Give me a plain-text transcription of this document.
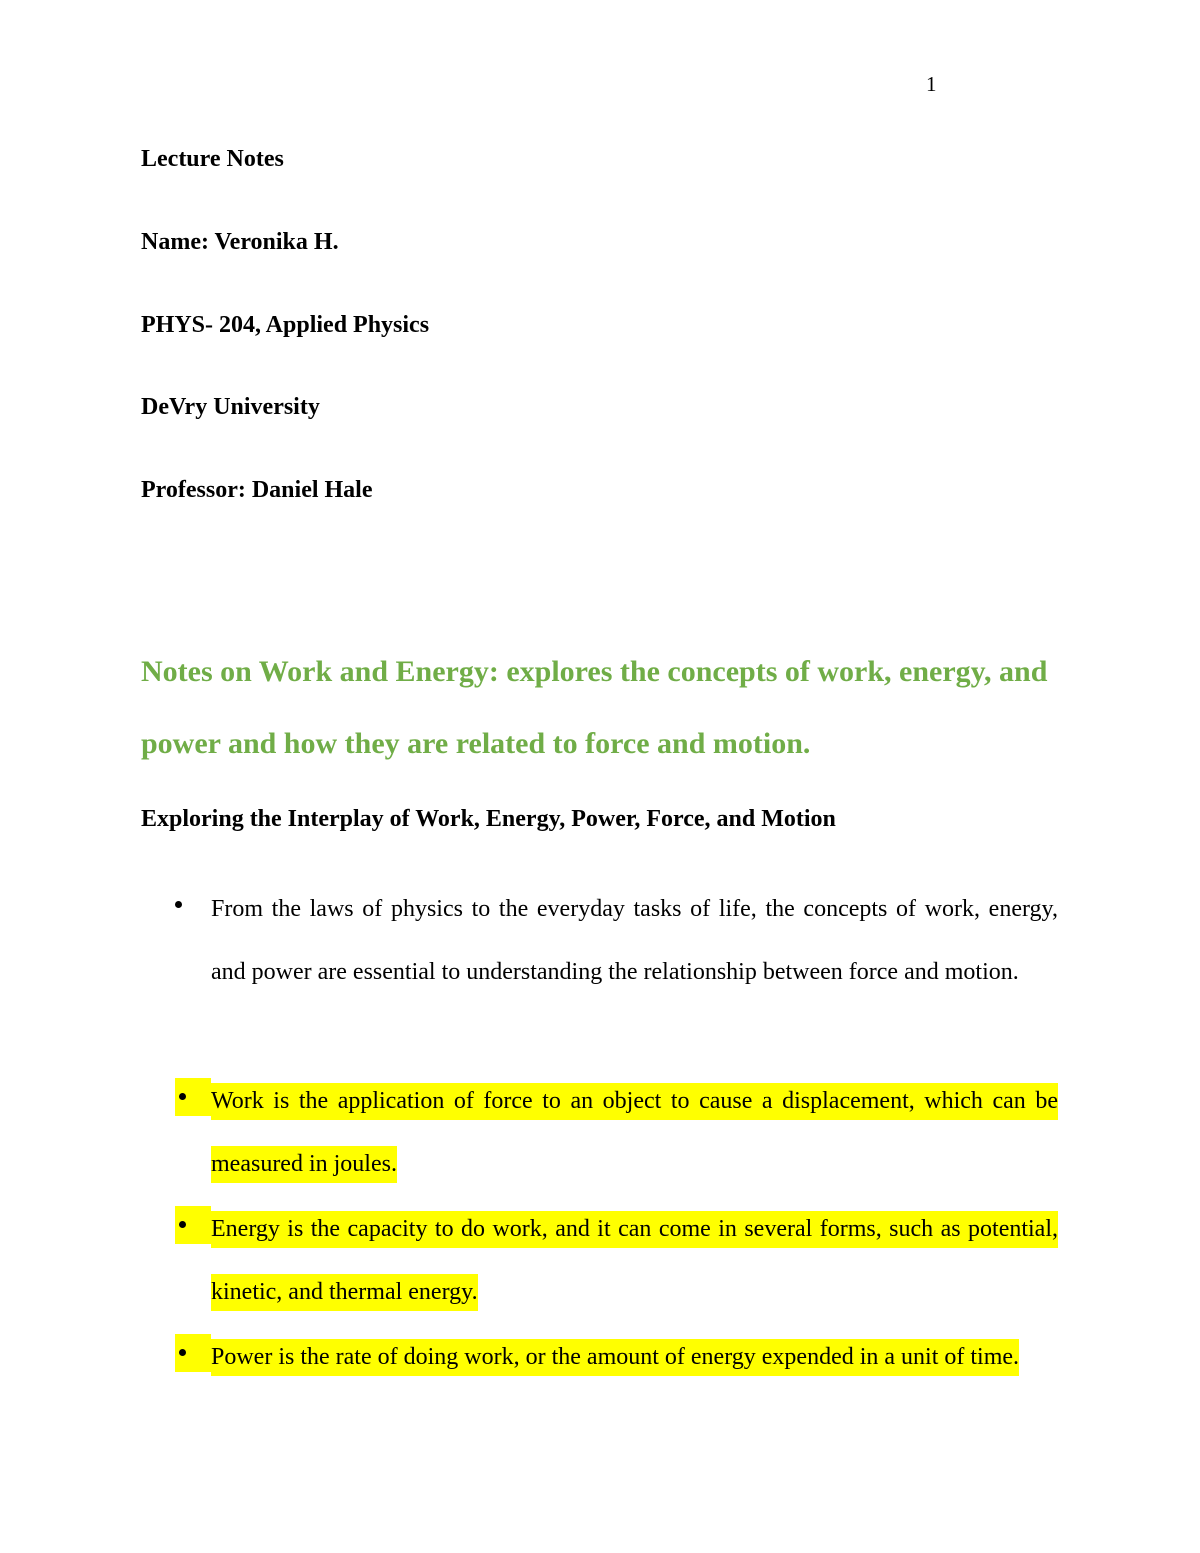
1
Lecture Notes
Name: Veronika H.
PHYS- 204, Applied Physics
DeVry University
Professor: Daniel Hale
Notes on Work and Energy: explores the concepts of work, energy, and power and how they are related to force and motion.
Exploring the Interplay of Work, Energy, Power, Force, and Motion
From the laws of physics to the everyday tasks of life, the concepts of work, energy, and power are essential to understanding the relationship between force and motion.
Work is the application of force to an object to cause a displacement, which can be measured in joules.
Energy is the capacity to do work, and it can come in several forms, such as potential, kinetic, and thermal energy.
Power is the rate of doing work, or the amount of energy expended in a unit of time.
